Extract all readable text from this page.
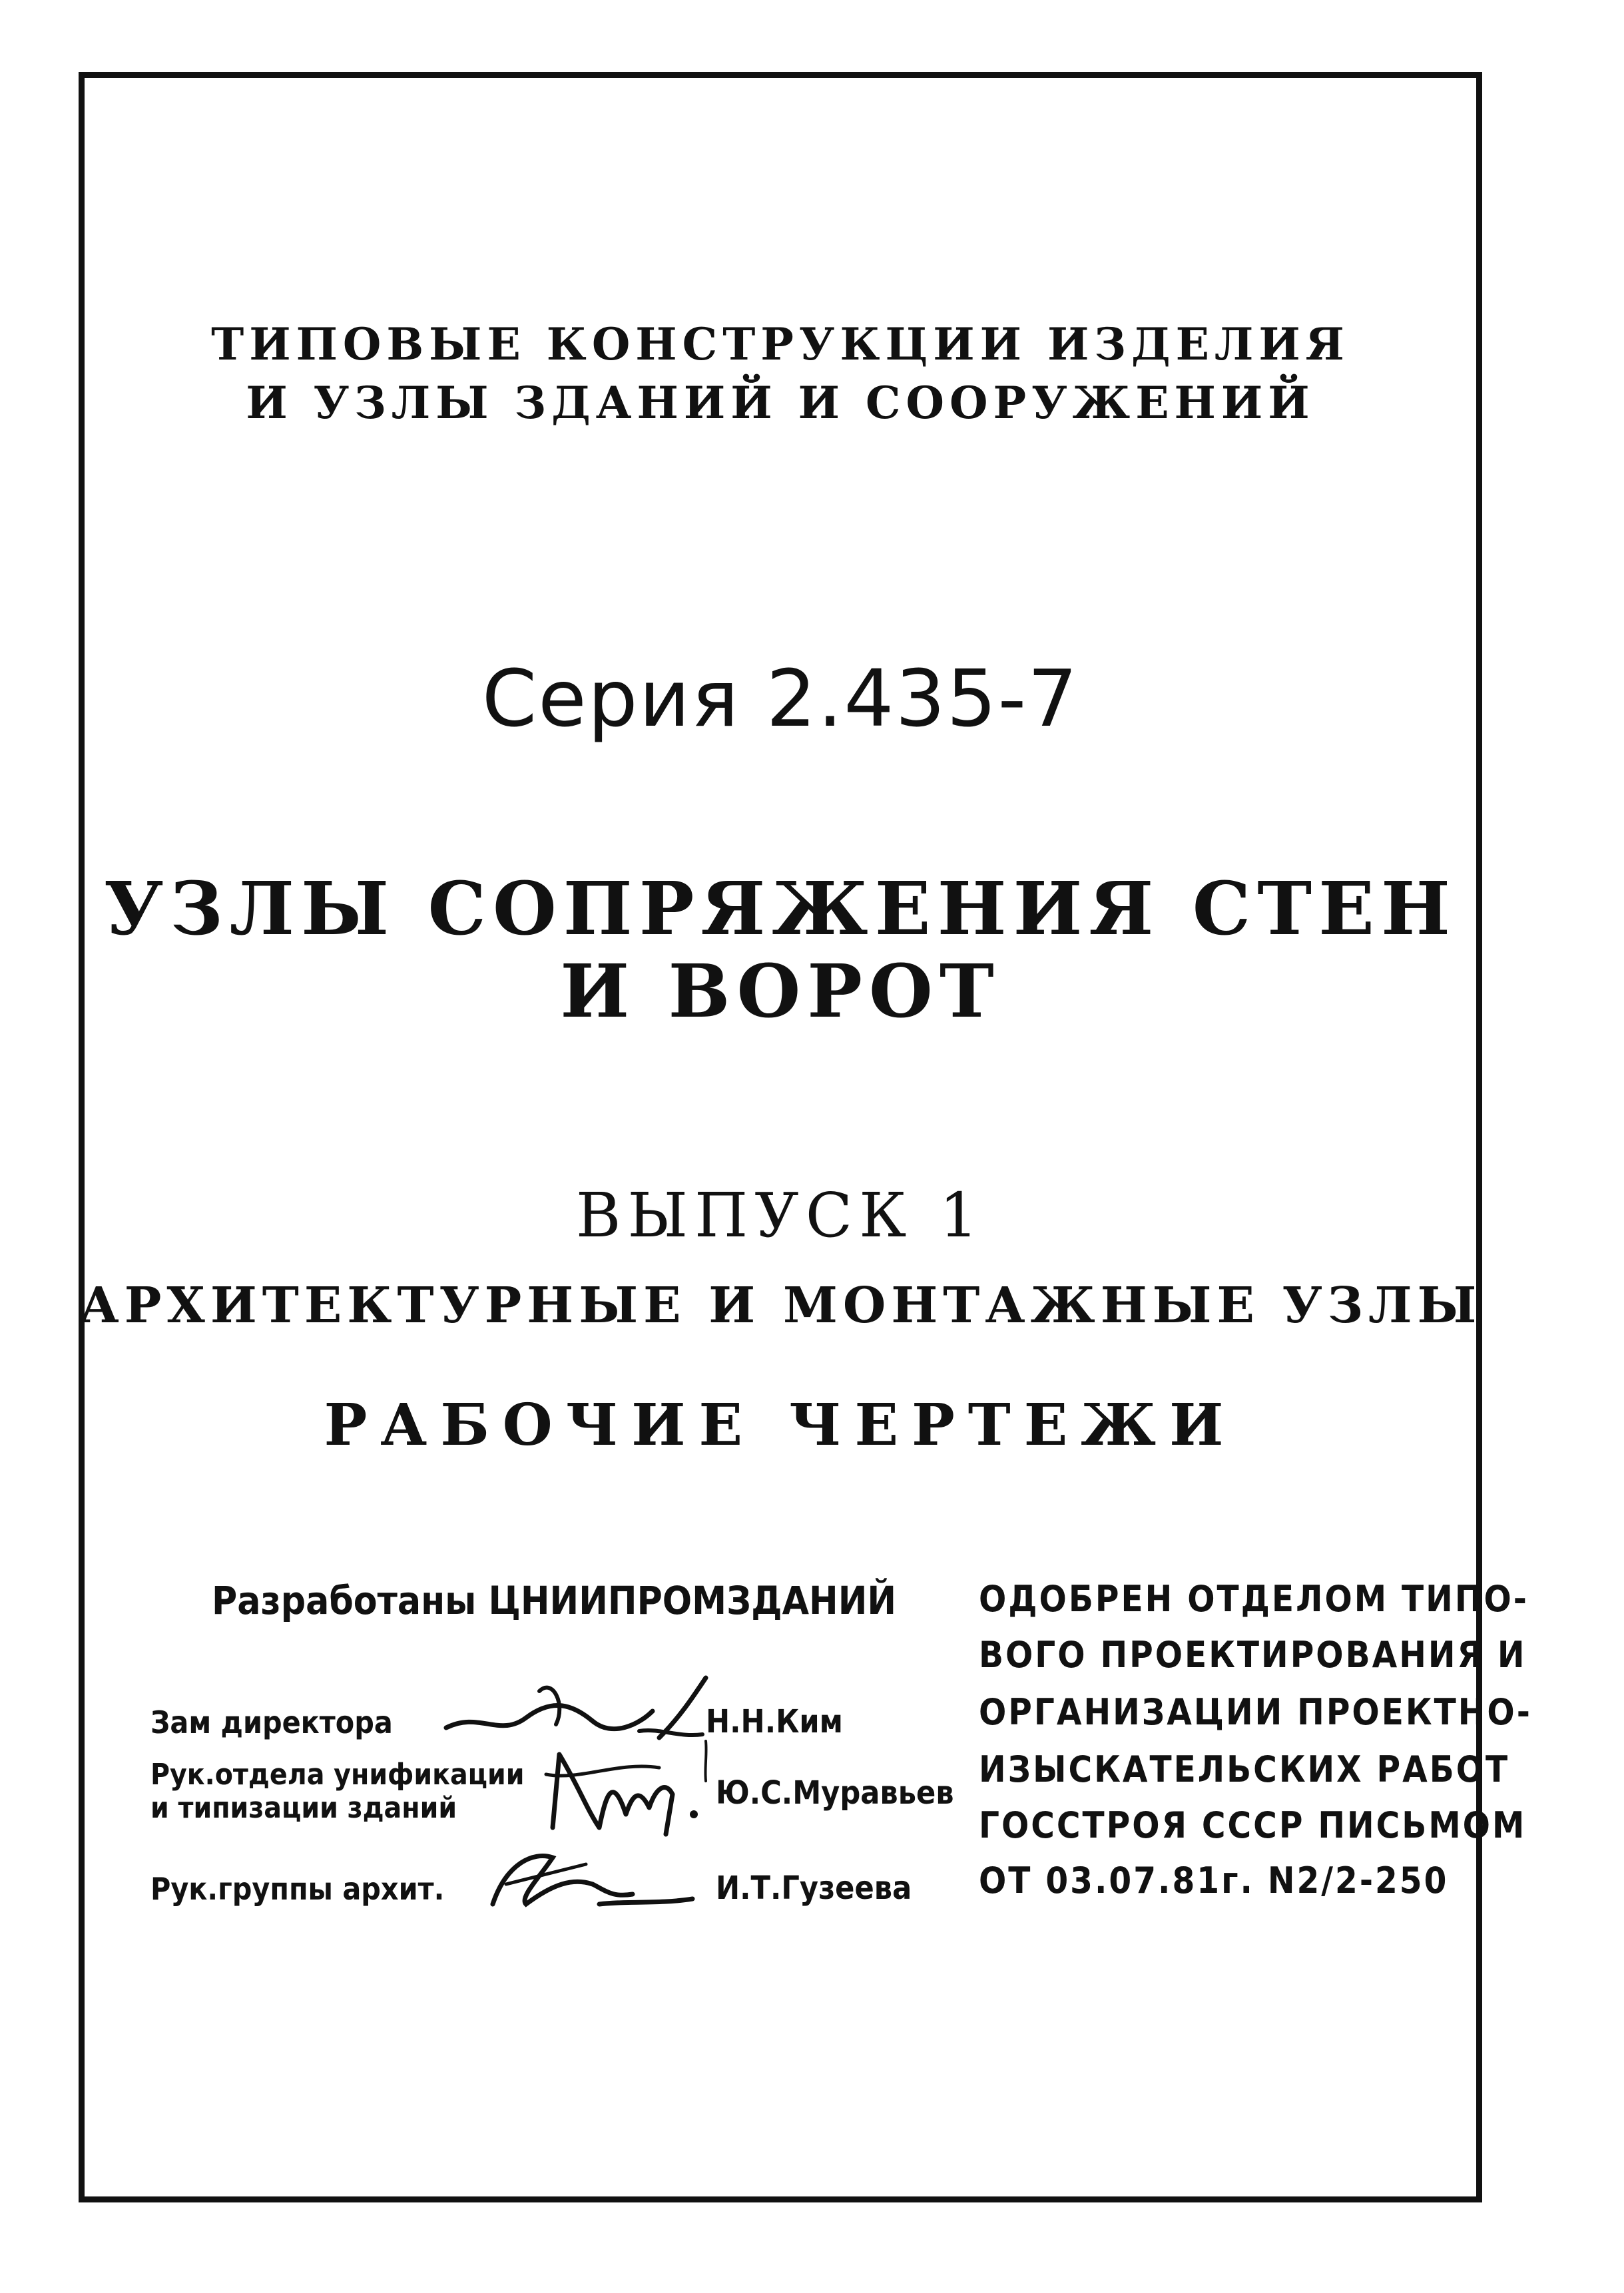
ТИПОВЫЕ КОНСТРУКЦИИ ИЗДЕЛИЯ
И УЗЛЫ ЗДАНИЙ И СООРУЖЕНИЙ
Серия 2.435-7
УЗЛЫ СОПРЯЖЕНИЯ СТЕН
И ВОРОТ
ВЫПУСК 1
АРХИТЕКТУРНЫЕ И МОНТАЖНЫЕ УЗЛЫ
РАБОЧИЕ ЧЕРТЕЖИ
Разработаны ЦНИИПРОМЗДАНИЙ
Зам директора
Рук.отдела унификации
и типизации зданий
Рук.группы архит.
Н.Н.Ким
Ю.С.Муравьев
И.Т.Гузеева
ОДОБРЕН ОТДЕЛОМ ТИПО-
ВОГО ПРОЕКТИРОВАНИЯ И
ОРГАНИЗАЦИИ ПРОЕКТНО-
ИЗЫСКАТЕЛЬСКИХ РАБОТ
ГОССТРОЯ СССР ПИСЬМОМ
ОТ 03.07.81г. N2/2-250
